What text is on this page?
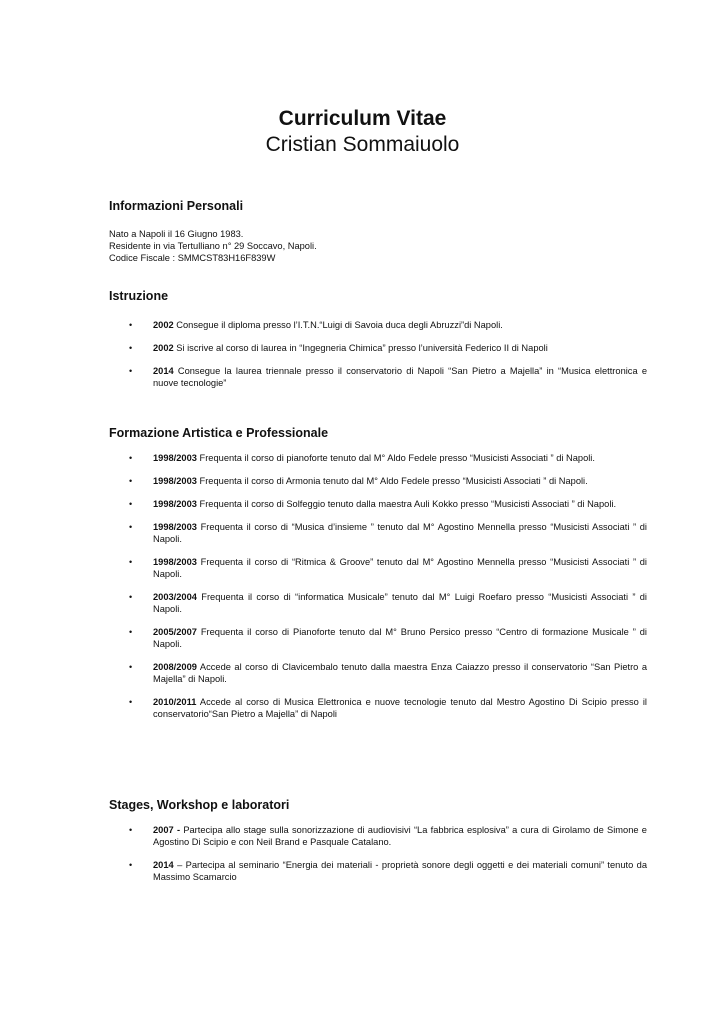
Curriculum Vitae
Cristian Sommaiuolo
Informazioni Personali
Nato a Napoli il 16 Giugno 1983.
Residente in via Tertulliano n° 29 Soccavo, Napoli.
Codice Fiscale : SMMCST83H16F839W
Istruzione
• 2002 Consegue il diploma presso l’I.T.N.“Luigi di Savoia duca degli Abruzzi”di Napoli.
• 2002 Si iscrive al corso di laurea in “Ingegneria Chimica” presso l’università Federico II di Napoli
• 2014 Consegue la laurea triennale presso il conservatorio di Napoli “San Pietro a Majella” in “Musica elettronica e nuove tecnologie”
Formazione Artistica e Professionale
• 1998/2003 Frequenta il corso di pianoforte tenuto dal M° Aldo Fedele presso “Musicisti Associati ” di Napoli.
• 1998/2003 Frequenta il corso di Armonia tenuto dal M° Aldo Fedele presso “Musicisti Associati ” di Napoli.
• 1998/2003 Frequenta il corso di Solfeggio tenuto dalla maestra Auli Kokko presso “Musicisti Associati ” di Napoli.
• 1998/2003 Frequenta il corso di “Musica d’insieme ” tenuto dal M° Agostino Mennella presso “Musicisti Associati ” di Napoli.
• 1998/2003 Frequenta il corso di “Ritmica & Groove” tenuto dal M° Agostino Mennella presso “Musicisti Associati ” di Napoli.
• 2003/2004 Frequenta il corso di “informatica Musicale” tenuto dal M° Luigi Roefaro presso “Musicisti Associati ” di Napoli.
• 2005/2007 Frequenta il corso di Pianoforte tenuto dal M° Bruno Persico presso “Centro di formazione Musicale ” di Napoli.
• 2008/2009 Accede al corso di Clavicembalo tenuto dalla maestra Enza Caiazzo presso il conservatorio “San Pietro a Majella” di Napoli.
• 2010/2011 Accede al corso di Musica Elettronica e nuove tecnologie tenuto dal Mestro Agostino Di Scipio presso il conservatorio“San Pietro a Majella” di Napoli
Stages, Workshop e laboratori
• 2007 - Partecipa allo stage sulla sonorizzazione di audiovisivi “La fabbrica esplosiva” a cura di Girolamo de Simone e Agostino Di Scipio e con Neil Brand e Pasquale Catalano.
• 2014 – Partecipa al seminario “Energia dei materiali - proprietà sonore degli oggetti e dei materiali comuni” tenuto da Massimo Scamarcio
